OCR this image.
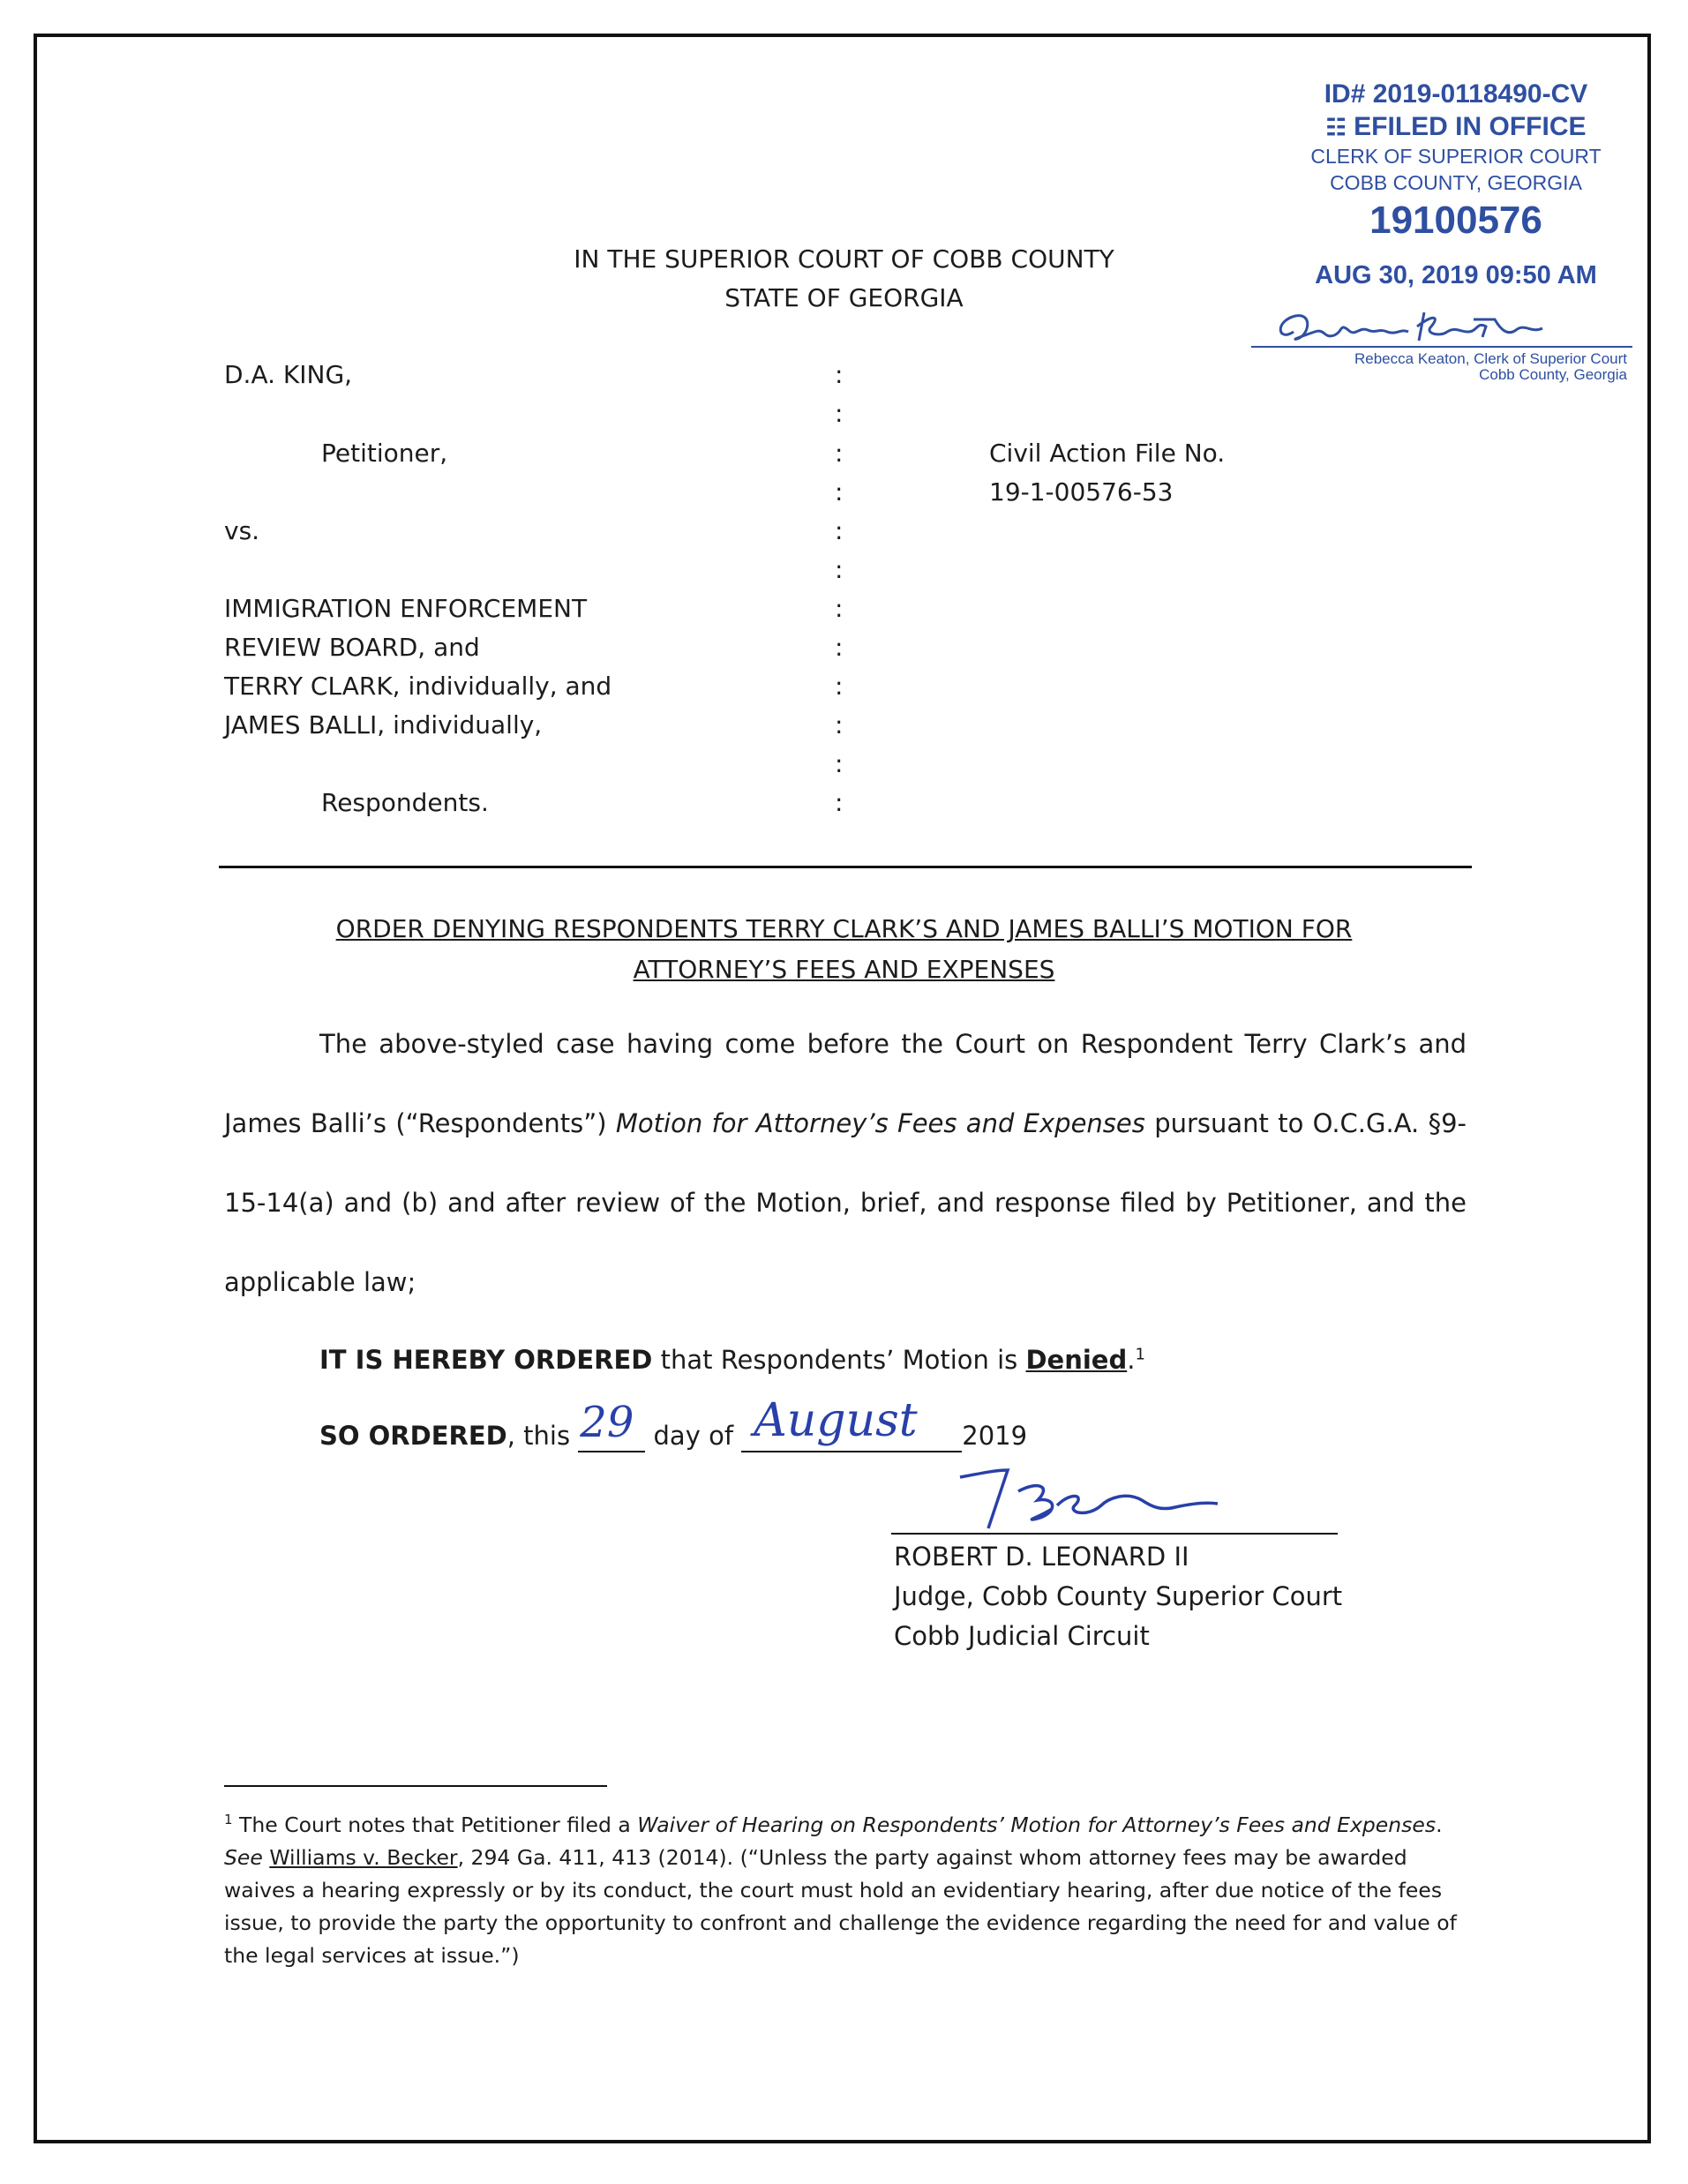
ID# 2019-0118490-CV
☷ EFILED IN OFFICE
CLERK OF SUPERIOR COURT
COBB COUNTY, GEORGIA
19100576
AUG 30, 2019 09:50 AM
Rebecca Keaton, Clerk of Superior Court
Cobb County, Georgia
IN THE SUPERIOR COURT OF COBB COUNTY
STATE OF GEORGIA
D.A. KING,
Petitioner,
vs.
IMMIGRATION ENFORCEMENT
REVIEW BOARD, and
TERRY CLARK, individually, and
JAMES BALLI, individually,
Respondents.
:
:
:
:
:
:
:
:
:
:
:
:
Civil Action File No.
19-1-00576-53
ORDER DENYING RESPONDENTS TERRY CLARK’S AND JAMES BALLI’S MOTION FOR
ATTORNEY’S FEES AND EXPENSES
The above-styled case having come before the Court on Respondent Terry Clark’s and James Balli’s (“Respondents”) Motion for Attorney’s Fees and Expenses pursuant to O.C.G.A. §9-15-14(a) and (b) and after review of the Motion, brief, and response filed by Petitioner, and the applicable law;
IT IS HEREBY ORDERED that Respondents’ Motion is Denied.$^1$
SO ORDERED, this 29 day of August 2019
ROBERT D. LEONARD II
Judge, Cobb County Superior Court
Cobb Judicial Circuit
$^1$ The Court notes that Petitioner filed a Waiver of Hearing on Respondents’ Motion for Attorney’s Fees and Expenses. See Williams v. Becker, 294 Ga. 411, 413 (2014). (“Unless the party against whom attorney fees may be awarded waives a hearing expressly or by its conduct, the court must hold an evidentiary hearing, after due notice of the fees issue, to provide the party the opportunity to confront and challenge the evidence regarding the need for and value of the legal services at issue.”)
